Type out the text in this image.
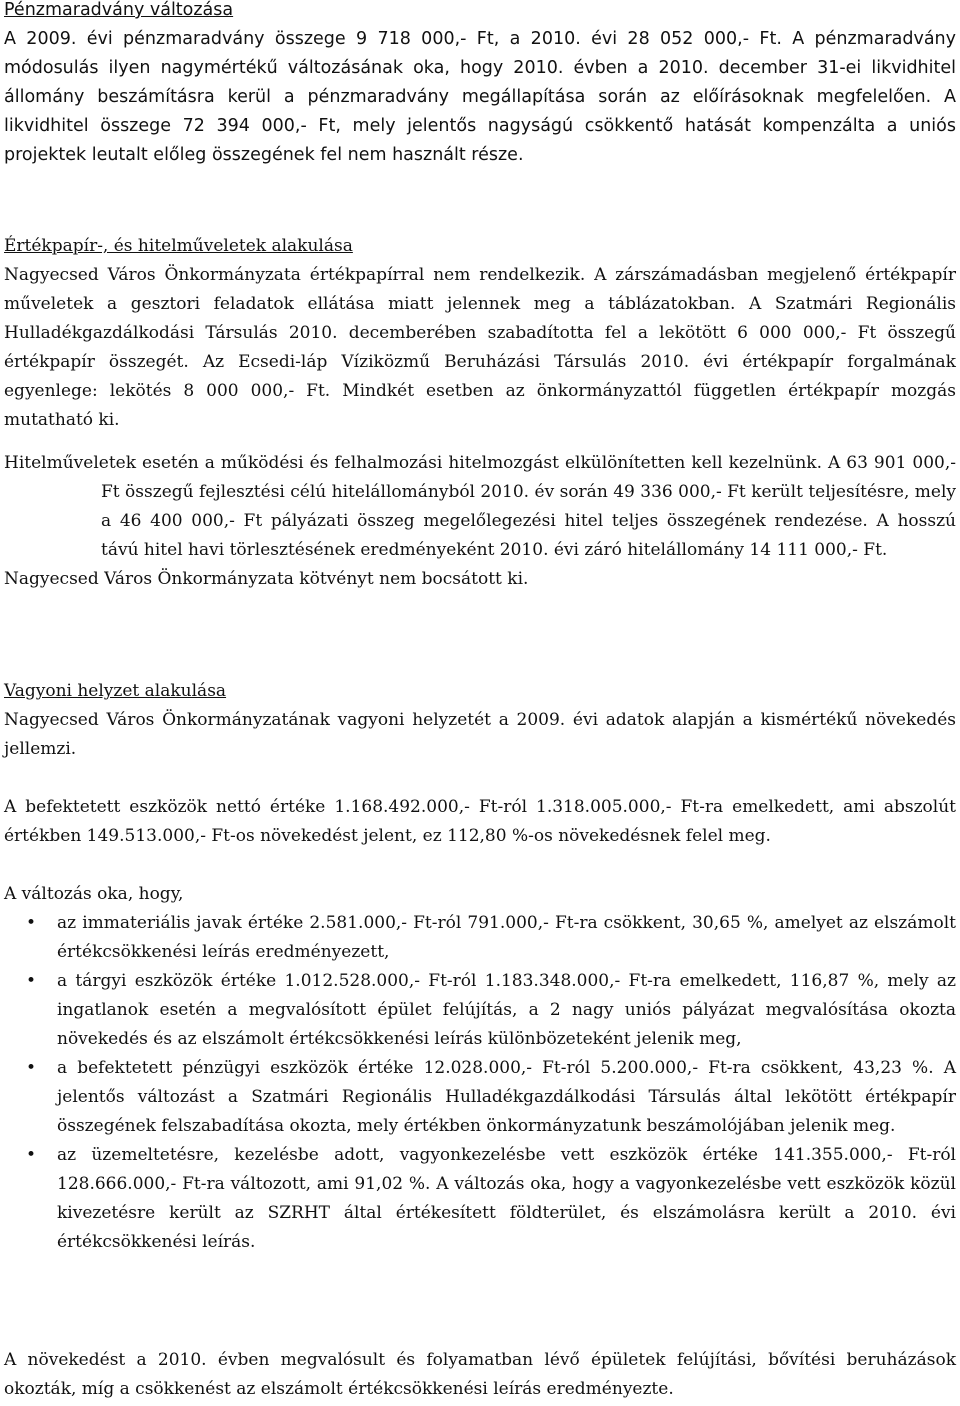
Pénzmaradvány változása

A 2009. évi pénzmaradvány összege 9 718 000,- Ft, a 2010. évi 28 052 000,- Ft. A pénzmaradvány módosulás ilyen nagymértékű változásának oka, hogy 2010. évben a 2010. december 31-ei likvidhitel állomány beszámításra kerül a pénzmaradvány megállapítása során az előírásoknak megfelelően. A likvidhitel összege 72 394 000,- Ft, mely jelentős nagyságú csökkentő hatását kompenzálta a uniós projektek leutalt előleg összegének fel nem használt része.

Értékpapír-, és hitelműveletek alakulása

Nagyecsed Város Önkormányzata értékpapírral nem rendelkezik. A zárszámadásban megjelenő értékpapír műveletek a gesztori feladatok ellátása miatt jelennek meg a táblázatokban. A Szatmári Regionális Hulladékgazdálkodási Társulás 2010. decemberében szabadította fel a lekötött 6 000 000,- Ft összegű értékpapír összegét. Az Ecsedi-láp Víziközmű Beruházási Társulás 2010. évi értékpapír forgalmának egyenlege: lekötés 8 000 000,- Ft. Mindkét esetben az önkormányzattól független értékpapír mozgás mutatható ki.

Hitelműveletek esetén a működési és felhalmozási hitelmozgást elkülönítetten kell kezelnünk. A 63 901 000,- Ft összegű fejlesztési célú hitelállományból 2010. év során 49 336 000,- Ft került teljesítésre, mely a 46 400 000,- Ft pályázati összeg megelőlegezési hitel teljes összegének rendezése. A hosszú távú hitel havi törlesztésének eredményeként 2010. évi záró hitelállomány 14 111 000,- Ft.

Nagyecsed Város Önkormányzata kötvényt nem bocsátott ki.

Vagyoni helyzet alakulása

Nagyecsed Város Önkormányzatának vagyoni helyzetét a 2009. évi adatok alapján a kismértékű növekedés jellemzi.

A befektetett eszközök nettó értéke 1.168.492.000,- Ft-ról 1.318.005.000,- Ft-ra emelkedett, ami abszolút értékben 149.513.000,- Ft-os növekedést jelent, ez 112,80 %-os növekedésnek felel meg.

A változás oka, hogy,

• az immateriális javak értéke 2.581.000,- Ft-ról 791.000,- Ft-ra csökkent, 30,65 %, amelyet az elszámolt értékcsökkenési leírás eredményezett,
• a tárgyi eszközök értéke 1.012.528.000,- Ft-ról 1.183.348.000,- Ft-ra emelkedett, 116,87 %, mely az ingatlanok esetén a megvalósított épület felújítás, a 2 nagy uniós pályázat megvalósítása okozta növekedés és az elszámolt értékcsökkenési leírás különbözeteként jelenik meg,
• a befektetett pénzügyi eszközök értéke 12.028.000,- Ft-ról 5.200.000,- Ft-ra csökkent, 43,23 %. A jelentős változást a Szatmári Regionális Hulladékgazdálkodási Társulás által lekötött értékpapír összegének felszabadítása okozta, mely értékben önkormányzatunk beszámolójában jelenik meg.
• az üzemeltetésre, kezelésbe adott, vagyonkezelésbe vett eszközök értéke 141.355.000,- Ft-ról 128.666.000,- Ft-ra változott, ami 91,02 %. A változás oka, hogy a vagyonkezelésbe vett eszközök közül kivezetésre került az SZRHT által értékesített földterület, és elszámolásra került a 2010. évi értékcsökkenési leírás.

A növekedést a 2010. évben megvalósult és folyamatban lévő épületek felújítási, bővítési beruházások okozták, míg a csökkenést az elszámolt értékcsökkenési leírás eredményezte.
